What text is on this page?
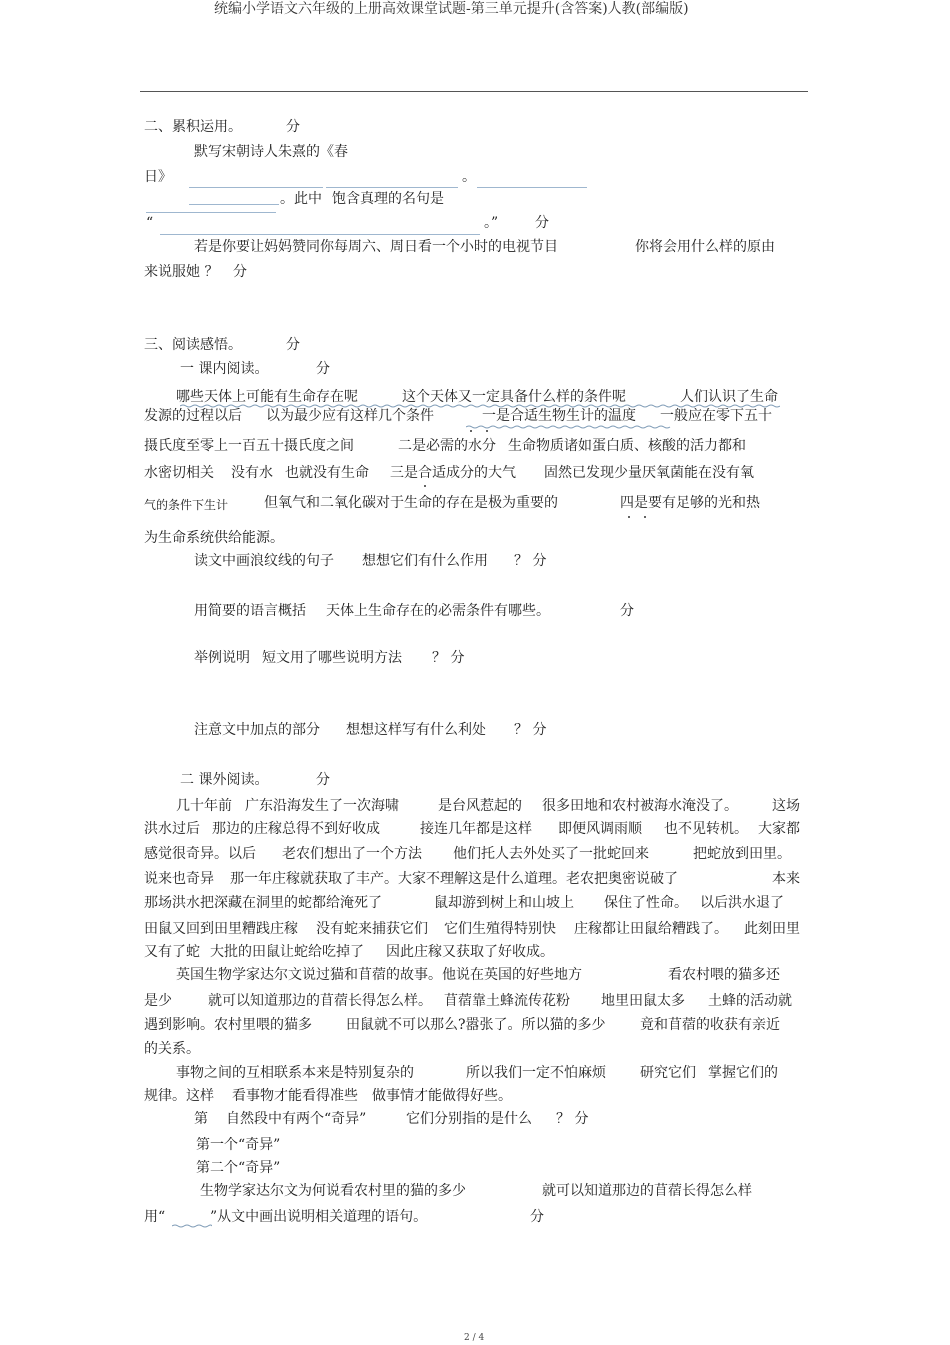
统编小学语文六年级的上册高效课堂试题-第三单元提升(含答案)人教(部编版)
二、累积运用。	分
默写宋朝诗人朱熹的《春
日》	。
。此中 饱含真理的名句是
“	。”	分
若是你要让妈妈赞同你每周六、周日看一个小时的电视节目	你将会用什么样的原由
来说服她 ？ 分
三、阅读感悟。	分
一 课内阅读。	分
哪些天体上可能有生命存在呢	这个天体又一定具备什么样的条件呢	人们认识了生命
发源的过程以后 以为最少应有这样几个条件	一是合适生物生计的温度 一般应在零下五十
摄氏度至零上一百五十摄氏度之间	二是必需的水分 生命物质诸如蛋白质、核酸的活力都和
水密切相关 没有水 也就没有生命 三是合适成分的大气 固然已发现少量厌氧菌能在没有氧
气的条件下生计	但氧气和二氧化碳对于生命的存在是极为重要的	四是要有足够的光和热
为生命系统供给能源。
读文中画浪纹线的句子 想想它们有什么作用 ？ 分
用简要的语言概括 天体上生命存在的必需条件有哪些。	分
举例说明 短文用了哪些说明方法 ？ 分
注意文中加点的部分 想想这样写有什么利处 ？ 分
二 课外阅读。	分
几十年前 广东沿海发生了一次海啸	是台风惹起的 很多田地和农村被海水淹没了。 这场
洪水过后 那边的庄稼总得不到好收成	接连几年都是这样 即便风调雨顺 也不见转机。 大家都
感觉很奇异。以后 老农们想出了一个方法 他们托人去外处买了一批蛇回来	把蛇放到田里。
说来也奇异 那一年庄稼就获取了丰产。大家不理解这是什么道理。老农把奥密说破了	本来
那场洪水把深藏在洞里的蛇都给淹死了	鼠却游到树上和山坡上 保住了性命。 以后洪水退了
田鼠又回到田里糟践庄稼 没有蛇来捕获它们 它们生殖得特别快 庄稼都让田鼠给糟践了。 此刻田里
又有了蛇 大批的田鼠让蛇给吃掉了 因此庄稼又获取了好收成。
英国生物学家达尔文说过猫和苜蓿的故事。他说在英国的好些地方	看农村喂的猫多还
是少	就可以知道那边的苜蓿长得怎么样。 苜蓿靠土蜂流传花粉 地里田鼠太多 土蜂的活动就
遇到影响。农村里喂的猫多 田鼠就不可以那么?嚣张了。所以猫的多少 竟和苜蓿的收获有亲近
的关系。
事物之间的互相联系本来是特别复杂的	所以我们一定不怕麻烦 研究它们 掌握它们的
规律。这样 看事物才能看得准些 做事情才能做得好些。
第 自然段中有两个“奇异”	它们分别指的是什么 ？ 分
第一个“奇异”
第二个“奇异”
生物学家达尔文为何说看农村里的猫的多少	就可以知道那边的苜蓿长得怎么样
用“	”从文中画出说明相关道理的语句。	分
2 / 4
